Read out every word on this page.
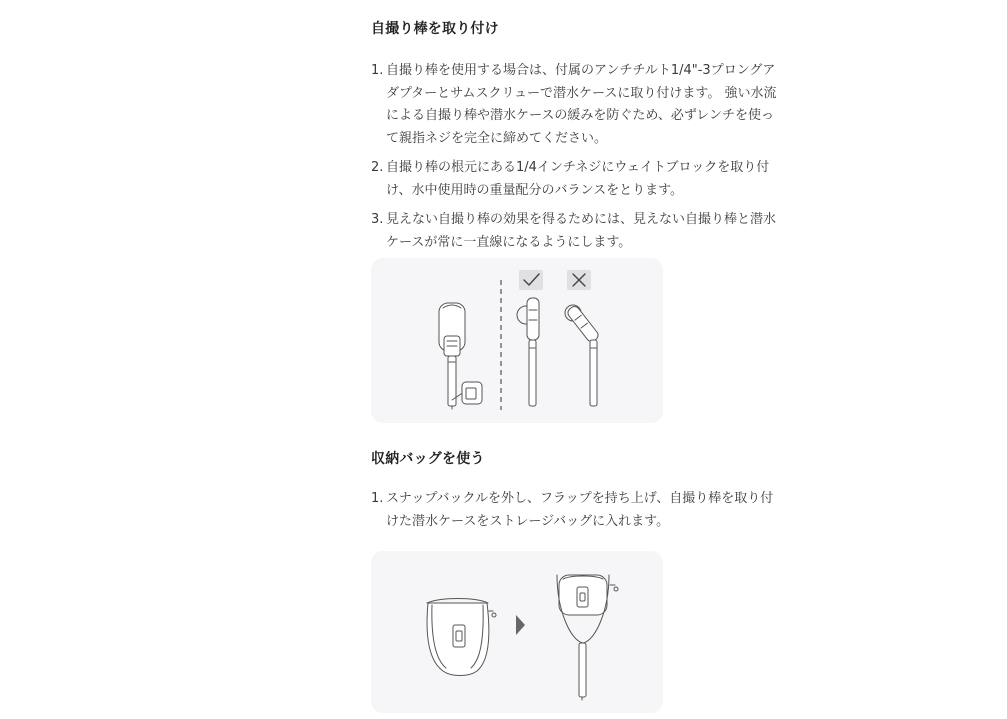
自撮り棒を取り付け
1. 自撮り棒を使用する場合は、付属のアンチチルト1/4"-3プロングアダプターとサムスクリューで潜水ケースに取り付けます。 強い水流による自撮り棒や潜水ケースの緩みを防ぐため、必ずレンチを使って親指ネジを完全に締めてください。
2. 自撮り棒の根元にある1/4インチネジにウェイトブロックを取り付け、水中使用時の重量配分のバランスをとります。
3. 見えない自撮り棒の効果を得るためには、見えない自撮り棒と潜水ケースが常に一直線になるようにします。
収納バッグを使う
1. スナップバックルを外し、フラップを持ち上げ、自撮り棒を取り付けた潜水ケースをストレージバッグに入れます。
